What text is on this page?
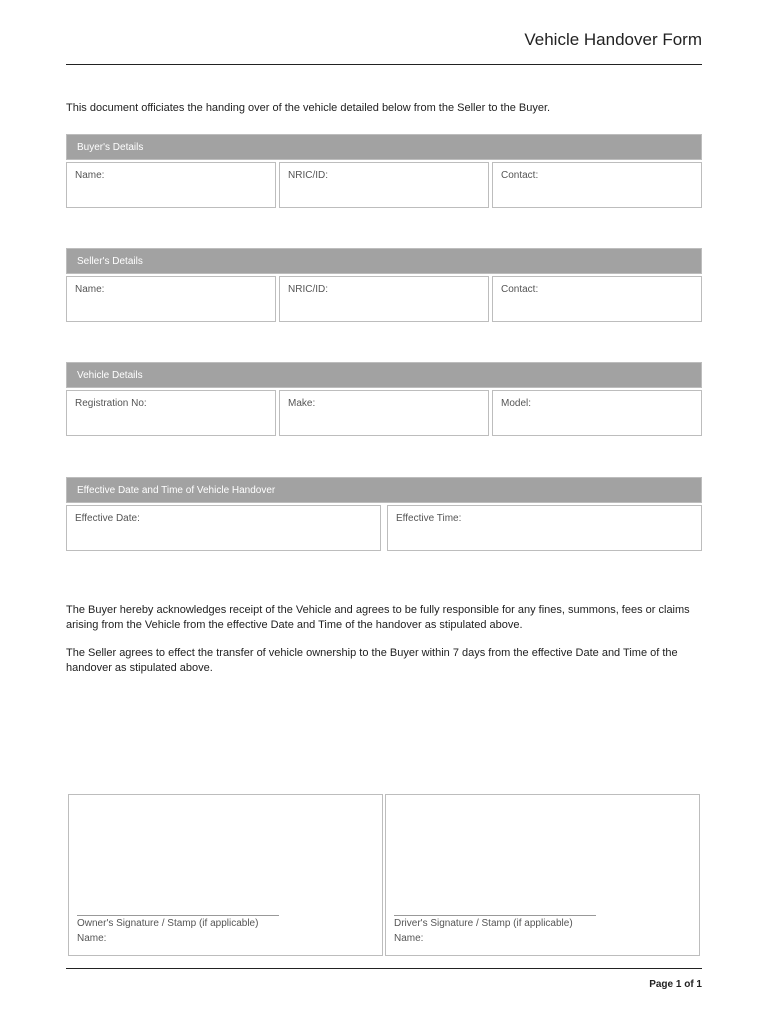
Vehicle Handover Form
This document officiates the handing over of the vehicle detailed below from the Seller to the Buyer.
Buyer's Details
Name:	NRIC/ID:	Contact:
Seller's Details
Name:	NRIC/ID:	Contact:
Vehicle Details
Registration No:	Make:	Model:
Effective Date and Time of Vehicle Handover
Effective Date:	Effective Time:
The Buyer hereby acknowledges receipt of the Vehicle and agrees to be fully responsible for any fines, summons, fees or claims arising from the Vehicle from the effective Date and Time of the handover as stipulated above.
The Seller agrees to effect the transfer of vehicle ownership to the Buyer within 7 days from the effective Date and Time of the handover as stipulated above.
Owner's Signature / Stamp (if applicable)
Name:
Driver's Signature / Stamp (if applicable)
Name:
Page 1 of 1
